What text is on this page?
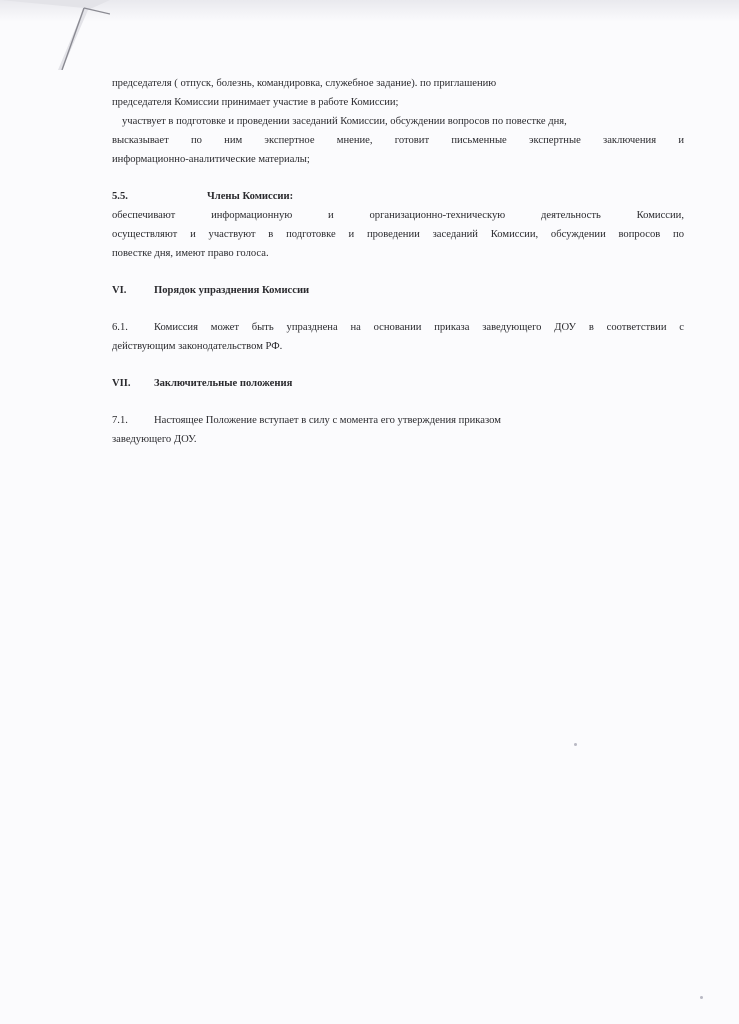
председателя ( отпуск, болезнь, командировка, служебное задание). по приглашению
председателя Комиссии принимает участие в работе Комиссии;
участвует в подготовке и проведении заседаний Комиссии, обсуждении вопросов по повестке дня,
высказывает по ним экспертное мнение, готовит письменные экспертные заключения и
информационно-аналитические материалы;
5.5.	Члены Комиссии:
обеспечивают информационную и организационно-техническую деятельность Комиссии,
осуществляют и участвуют в подготовке и проведении заседаний Комиссии, обсуждении вопросов по
повестке дня, имеют право голоса.
VI.	Порядок упразднения Комиссии
6.1. Комиссия может быть упразднена на основании приказа заведующего ДОУ в соответствии с
действующим законодательством РФ.
VII.	Заключительные положения
7.1. Настоящее Положение вступает в силу с момента его утверждения приказом
заведующего ДОУ.
